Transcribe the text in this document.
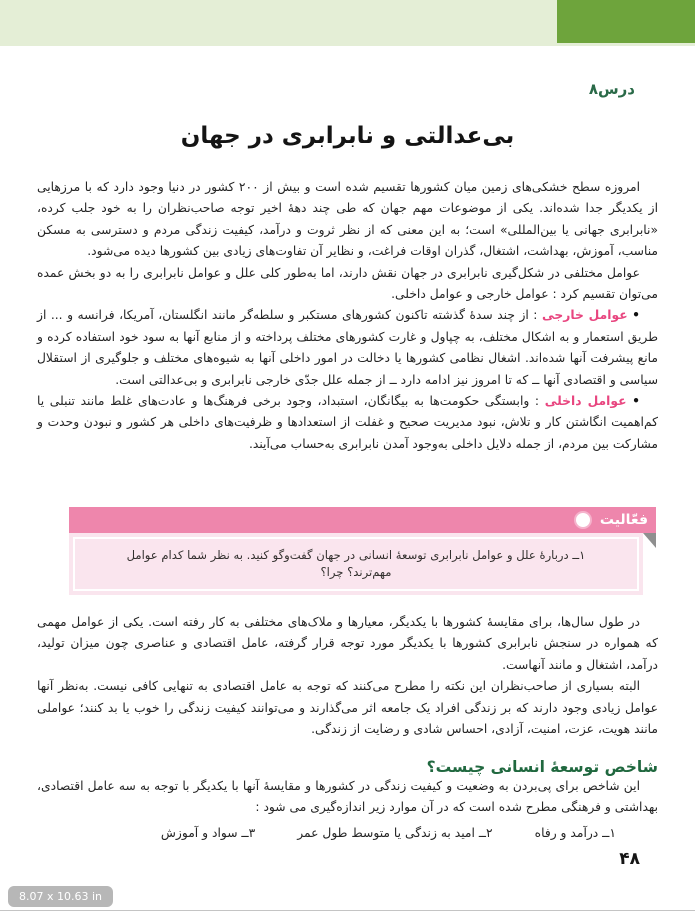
درس۸
بی‌عدالتی و نابرابری در جهان

امروزه سطح خشکی‌های زمین میان کشورها تقسیم شده است و بیش از ۲۰۰ کشور در دنیا وجود دارد که با مرزهایی از یکدیگر جدا شده‌اند. یکی از موضوعات مهم جهان که طی چند دهۀ اخیر توجه صاحب‌نظران را به خود جلب کرده، «نابرابری جهانی یا بین‌المللی» است؛ به این معنی که از نظر ثروت و درآمد، کیفیت زندگی مردم و دسترسی به مسکن مناسب، آموزش، بهداشت، اشتغال، گذران اوقات فراغت، و نظایر آن تفاوت‌های زیادی بین کشورها دیده می‌شود.

عوامل مختلفی در شکل‌گیری نابرابری در جهان نقش دارند، اما به‌طور کلی علل و عوامل نابرابری را به دو بخش عمده می‌توان تقسیم کرد : عوامل خارجی و عوامل داخلی.

• عوامل خارجی : از چند سدۀ گذشته تاکنون کشورهای مستکبر و سلطه‌گر مانند انگلستان، آمریکا، فرانسه و ... از طریق استعمار و به اشکال مختلف، به چپاول و غارت کشورهای مختلف پرداخته و از منابع آنها به سود خود استفاده کرده و مانع پیشرفت آنها شده‌اند. اشغال نظامی کشورها یا دخالت در امور داخلی آنها به شیوه‌های مختلف و جلوگیری از استقلال سیاسی و اقتصادی آنها ــ که تا امروز نیز ادامه دارد ــ از جمله علل جدّی خارجی نابرابری و بی‌عدالتی است.

• عوامل داخلی : وابستگی حکومت‌ها به بیگانگان، استبداد، وجود برخی فرهنگ‌ها و عادت‌های غلط مانند تنبلی یا کم‌اهمیت انگاشتن کار و تلاش، نبود مدیریت صحیح و غفلت از استعدادها و ظرفیت‌های داخلی هر کشور و نبودن وحدت و مشارکت بین مردم، از جمله دلایل داخلی به‌وجود آمدن نابرابری به‌حساب می‌آیند.

فعّالیت
۱ــ دربارۀ علل و عوامل نابرابری توسعۀ انسانی در جهان گفت‌وگو کنید. به نظر شما کدام عوامل مهم‌ترند؟ چرا؟

در طول سال‌ها، برای مقایسۀ کشورها با یکدیگر، معیارها و ملاک‌های مختلفی به کار رفته است. یکی از عوامل مهمی که همواره در سنجش نابرابری کشورها با یکدیگر مورد توجه قرار گرفته، عامل اقتصادی و عناصری چون میزان تولید، درآمد، اشتغال و مانند آنهاست.

البته بسیاری از صاحب‌نظران این نکته را مطرح می‌کنند که توجه به عامل اقتصادی به تنهایی کافی نیست. به‌نظر آنها عوامل زیادی وجود دارند که بر زندگی افراد یک جامعه اثر می‌گذارند و می‌توانند کیفیت زندگی را خوب یا بد کنند؛ عواملی مانند هویت، عزت، امنیت، آزادی، احساس شادی و رضایت از زندگی.

شاخص توسعهٔ انسانی چیست؟

این شاخص برای پی‌بردن به وضعیت و کیفیت زندگی در کشورها و مقایسۀ آنها با یکدیگر با توجه به سه عامل اقتصادی، بهداشتی و فرهنگی مطرح شده است که در آن موارد زیر اندازه‌گیری می شود :

۱ــ درآمد و رفاه
۲ــ امید به زندگی یا متوسط طول عمر
۳ــ سواد و آموزش
۴۸
8.07 x 10.63 in
